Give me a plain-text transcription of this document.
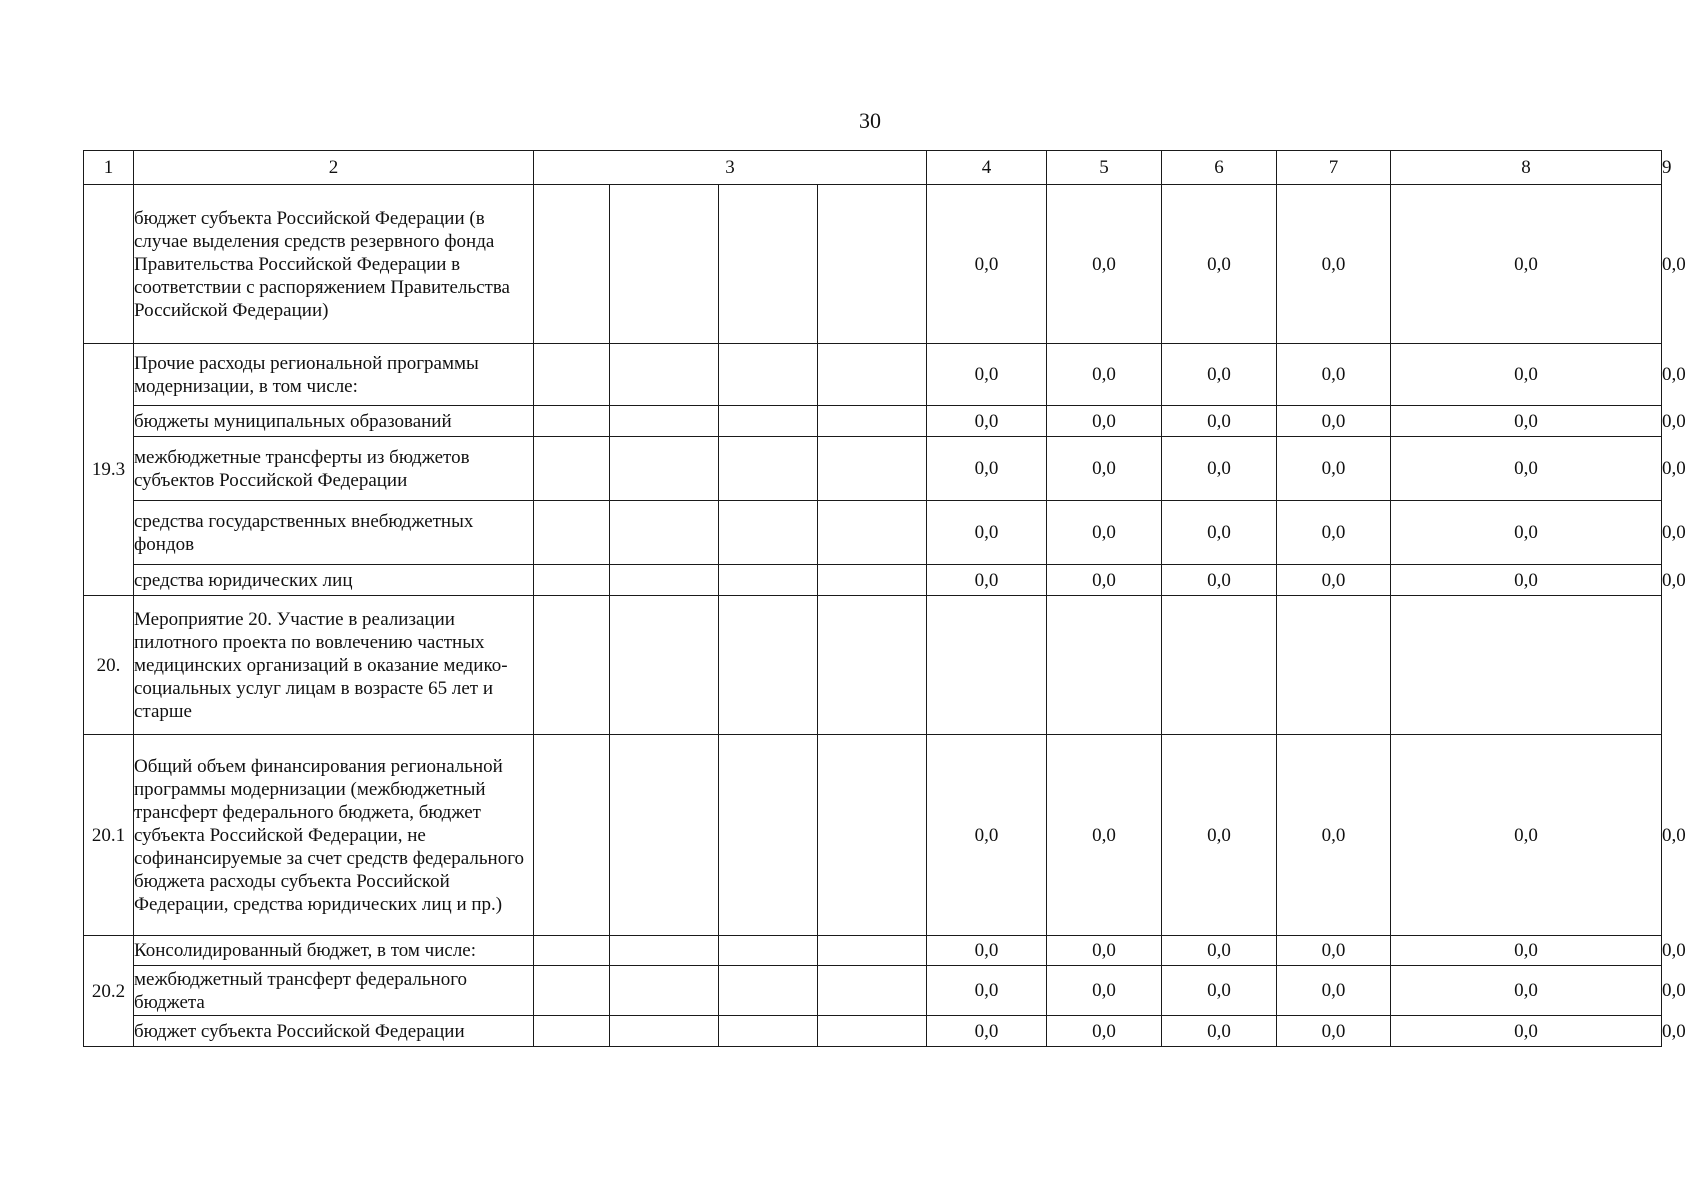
30
1	2	3				4	5	6	7	8	9
	бюджет субъекта Российской Федерации (в случае выделения средств резервного фонда Правительства Российской Федерации в соответствии с распоряжением Правительства Российской Федерации)					0,0	0,0	0,0	0,0	0,0	0,0
19.3	Прочие расходы региональной программы модернизации, в том числе:					0,0	0,0	0,0	0,0	0,0	0,0
	бюджеты муниципальных образований					0,0	0,0	0,0	0,0	0,0	0,0
	межбюджетные трансферты из бюджетов субъектов Российской Федерации					0,0	0,0	0,0	0,0	0,0	0,0
	средства государственных внебюджетных фондов					0,0	0,0	0,0	0,0	0,0	0,0
	средства юридических лиц					0,0	0,0	0,0	0,0	0,0	0,0
20.	Мероприятие 20. Участие в реализации пилотного проекта по вовлечению частных медицинских организаций в оказание медико-социальных услуг лицам в возрасте 65 лет и старше										
20.1	Общий объем финансирования региональной программы модернизации (межбюджетный трансферт федерального бюджета, бюджет субъекта Российской Федерации, не софинансируемые за счет средств федерального бюджета расходы субъекта Российской Федерации, средства юридических лиц и пр.)					0,0	0,0	0,0	0,0	0,0	0,0
20.2	Консолидированный бюджет, в том числе:					0,0	0,0	0,0	0,0	0,0	0,0
	межбюджетный трансферт федерального бюджета					0,0	0,0	0,0	0,0	0,0	0,0
	бюджет субъекта Российской Федерации					0,0	0,0	0,0	0,0	0,0	0,0
